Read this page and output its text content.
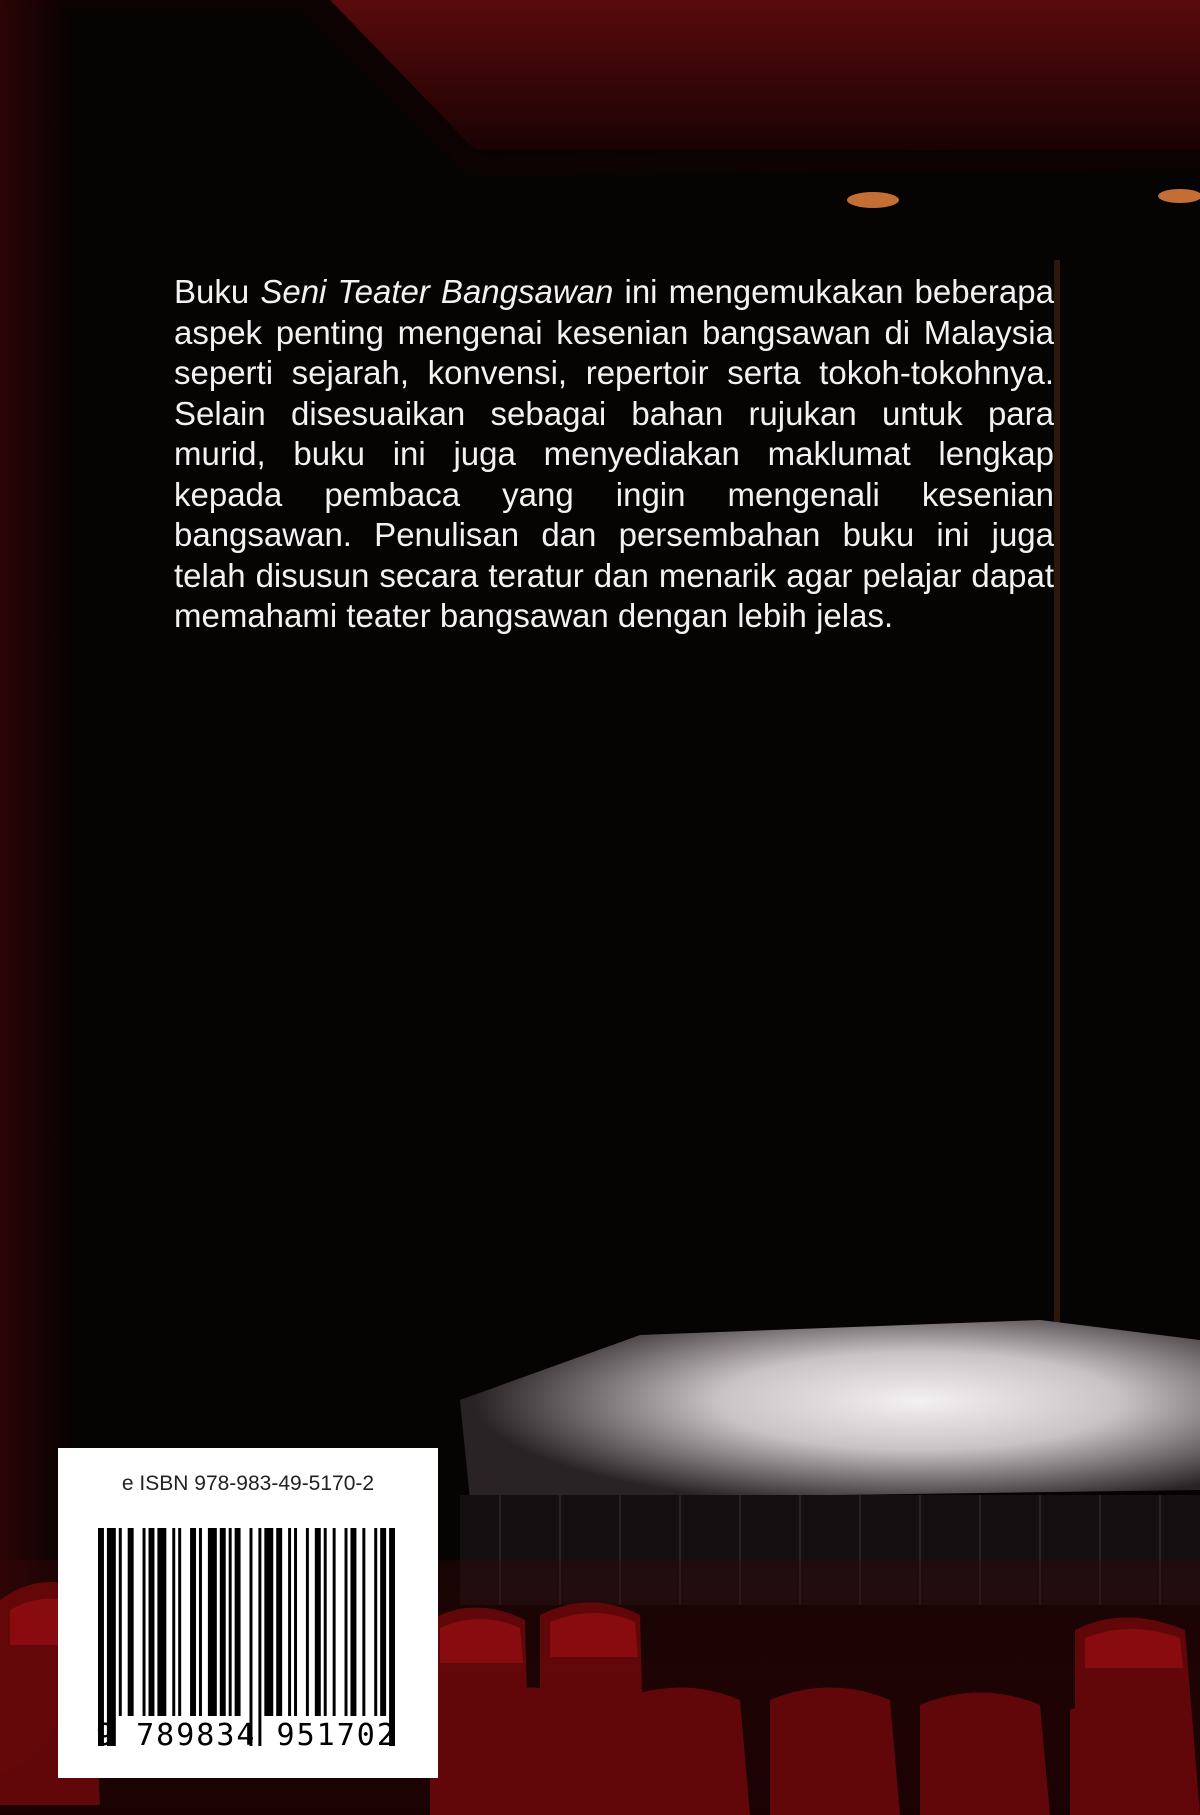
Buku Seni Teater Bangsawan ini mengemukakan beberapa aspek penting mengenai kesenian bangsawan di Malaysia seperti sejarah, konvensi, repertoir serta tokoh-tokohnya. Selain disesuaikan sebagai bahan rujukan untuk para murid, buku ini juga menyediakan maklumat lengkap kepada pembaca yang ingin mengenali kesenian bangsawan. Penulisan dan persembahan buku ini juga telah disusun secara teratur dan menarik agar pelajar dapat memahami teater bangsawan dengan lebih jelas.

e ISBN 978-983-49-5170-2
9 789834 951702
